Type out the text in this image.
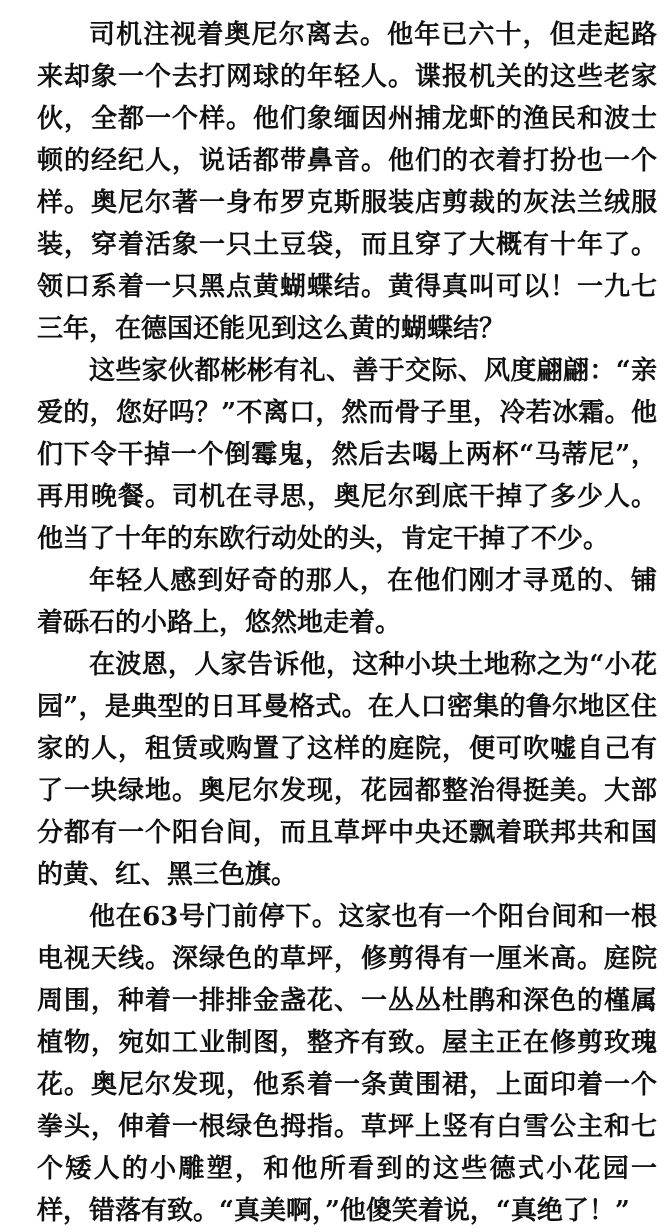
司机注视着奥尼尔离去。他年已六十，但走起路来却象一个去打网球的年轻人。谍报机关的这些老家伙，全都一个样。他们象缅因州捕龙虾的渔民和波士顿的经纪人，说话都带鼻音。他们的衣着打扮也一个样。奥尼尔著一身布罗克斯服装店剪裁的灰法兰绒服装，穿着活象一只土豆袋，而且穿了大概有十年了。领口系着一只黑点黄蝴蝶结。黄得真叫可以！一九七三年，在德国还能见到这么黄的蝴蝶结？

这些家伙都彬彬有礼、善于交际、风度翩翩：“亲爱的，您好吗？”不离口，然而骨子里，冷若冰霜。他们下令干掉一个倒霉鬼，然后去喝上两杯“马蒂尼”，再用晚餐。司机在寻思，奥尼尔到底干掉了多少人。他当了十年的东欧行动处的头，肯定干掉了不少。

年轻人感到好奇的那人，在他们刚才寻觅的、铺着砾石的小路上，悠然地走着。

在波恩，人家告诉他，这种小块土地称之为“小花园”，是典型的日耳曼格式。在人口密集的鲁尔地区住家的人，租赁或购置了这样的庭院，便可吹嘘自己有了一块绿地。奥尼尔发现，花园都整治得挺美。大部分都有一个阳台间，而且草坪中央还飘着联邦共和国的黄、红、黑三色旗。

他在63号门前停下。这家也有一个阳台间和一根电视天线。深绿色的草坪，修剪得有一厘米高。庭院周围，种着一排排金盏花、一丛丛杜鹃和深色的槿属植物，宛如工业制图，整齐有致。屋主正在修剪玫瑰花。奥尼尔发现，他系着一条黄围裙，上面印着一个拳头，伸着一根绿色拇指。草坪上竖有白雪公主和七个矮人的小雕塑，和他所看到的这些德式小花园一样，错落有致。“真美啊，”他傻笑着说，“真绝了！”
